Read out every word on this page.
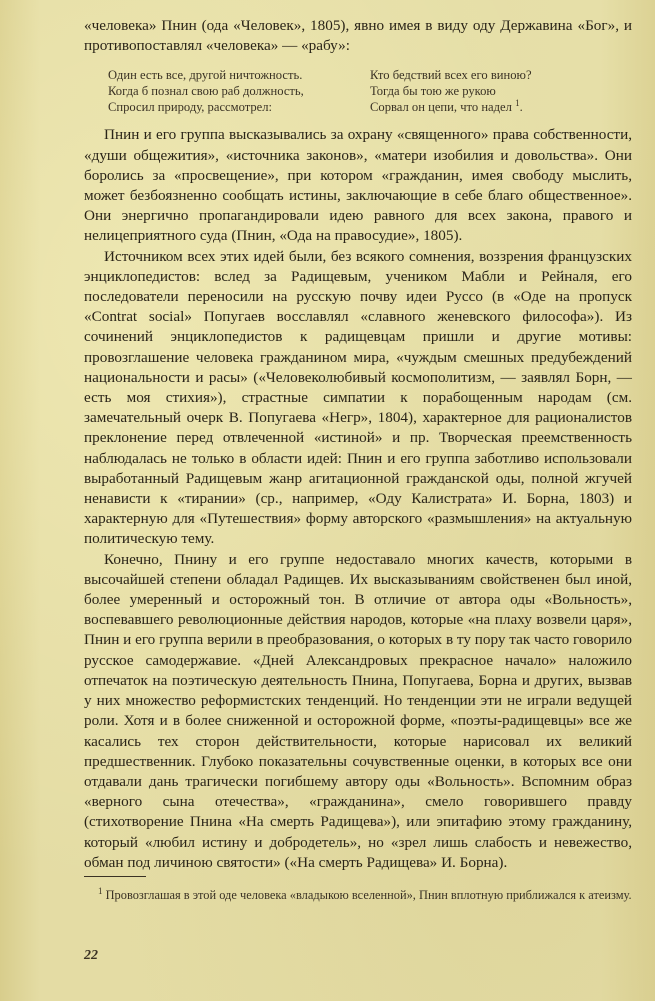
«человека» Пнин (ода «Человек», 1805), явно имея в виду оду Державина «Бог», и противопоставлял «человека» — «рабу»:

Один есть все, другой ничтожность.
Когда б познал свою раб должность,
Спросил природу, рассмотрел:
Кто бедствий всех его виною?
Тогда бы тою же рукою
Сорвал он цепи, что надел $^1$.

Пнин и его группа высказывались за охрану «священного» права собственности, «души общежития», «источника законов», «матери изобилия и довольства». Они боролись за «просвещение», при котором «гражданин, имея свободу мыслить, может безбоязненно сообщать истины, заключающие в себе благо общественное». Они энергично пропагандировали идею равного для всех закона, правого и нелицеприятного суда (Пнин, «Ода на правосудие», 1805).

Источником всех этих идей были, без всякого сомнения, воззрения французских энциклопедистов: вслед за Радищевым, учеником Мабли и Рейналя, его последователи переносили на русскую почву идеи Руссо (в «Оде на пропуск «Contrat social» Попугаев восславлял «славного женевского философа»). Из сочинений энциклопедистов к радищевцам пришли и другие мотивы: провозглашение человека гражданином мира, «чуждым смешных предубеждений национальности и расы» («Человеколюбивый космополитизм, — заявлял Борн, — есть моя стихия»), страстные симпатии к порабощенным народам (см. замечательный очерк В. Попугаева «Негр», 1804), характерное для рационалистов преклонение перед отвлеченной «истиной» и пр. Творческая преемственность наблюдалась не только в области идей: Пнин и его группа заботливо использовали выработанный Радищевым жанр агитационной гражданской оды, полной жгучей ненависти к «тирании» (ср., например, «Оду Калистрата» И. Борна, 1803) и характерную для «Путешествия» форму авторского «размышления» на актуальную политическую тему.

Конечно, Пнину и его группе недоставало многих качеств, которыми в высочайшей степени обладал Радищев. Их высказываниям свойственен был иной, более умеренный и осторожный тон. В отличие от автора оды «Вольность», воспевавшего революционные действия народов, которые «на плаху возвели царя», Пнин и его группа верили в преобразования, о которых в ту пору так часто говорило русское самодержавие. «Дней Александровых прекрасное начало» наложило отпечаток на поэтическую деятельность Пнина, Попугаева, Борна и других, вызвав у них множество реформистских тенденций. Но тенденции эти не играли ведущей роли. Хотя и в более сниженной и осторожной форме, «поэты-радищевцы» все же касались тех сторон действительности, которые нарисовал их великий предшественник. Глубоко показательны сочувственные оценки, в которых все они отдавали дань трагически погибшему автору оды «Вольность». Вспомним образ «верного сына отечества», «гражданина», смело говорившего правду (стихотворение Пнина «На смерть Радищева»), или эпитафию этому гражданину, который «любил истину и добродетель», но «зрел лишь слабость и невежество, обман под личиною святости» («На смерть Радищева» И. Борна).

$^1$ Провозглашая в этой оде человека «владыкою вселенной», Пнин вплотную приближался к атеизму.
22
